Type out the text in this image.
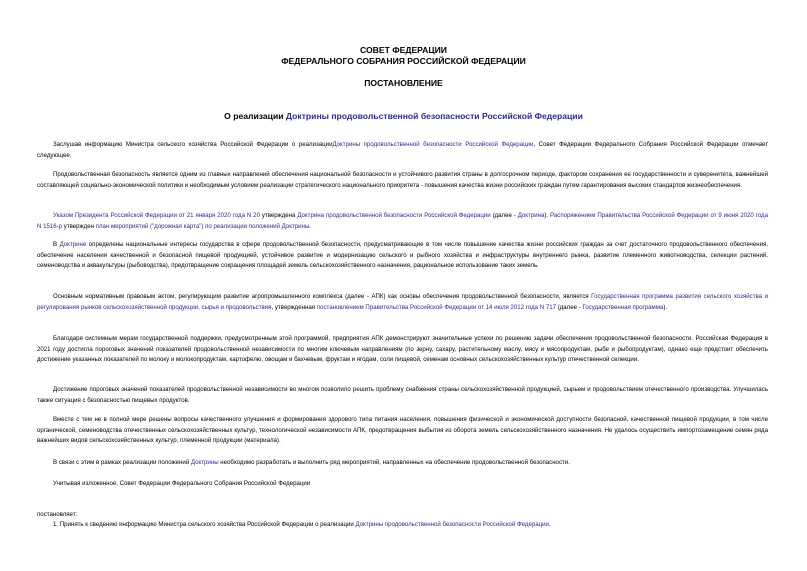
СОВЕТ ФЕДЕРАЦИИ
ФЕДЕРАЛЬНОГО СОБРАНИЯ РОССИЙСКОЙ ФЕДЕРАЦИИ
ПОСТАНОВЛЕНИЕ
О реализации Доктрины продовольственной безопасности Российской Федерации
Заслушав информацию Министра сельского хозяйства Российской Федерации о реализацииДоктрины продовольственной безопасности Российской Федерации, Совет Федерации Федерального Собрания Российской Федерации отмечает следующее.
Продовольственная безопасность является одним из главных направлений обеспечения национальной безопасности и устойчивого развития страны в долгосрочном периоде, фактором сохранения ее государственности и суверенитета, важнейшей составляющей социально-экономической политики и необходимым условием реализации стратегического национального приоритета - повышения качества жизни российских граждан путем гарантирования высоких стандартов жизнеобеспечения.
Указом Президента Российской Федерации от 21 января 2020 года N 20 утверждена Доктрина продовольственной безопасности Российской Федерации (далее - Доктрина). Распоряжением Правительства Российской Федерации от 9 июня 2020 года N 1516-р утвержден план мероприятий ("дорожная карта") по реализации положений Доктрины.
В Доктрине определены национальные интересы государства в сфере продовольственной безопасности, предусматривающие в том числе повышение качества жизни российских граждан за счет достаточного продовольственного обеспечения, обеспечение населения качественной и безопасной пищевой продукцией, устойчивое развитие и модернизацию сельского и рыбного хозяйства и инфраструктуры внутреннего рынка, развитие племенного животноводства, селекции растений, семеноводства и аквакультуры (рыбоводства), предотвращение сокращения площадей земель сельскохозяйственного назначения, рациональное использование таких земель.
Основным нормативным правовым актом, регулирующим развитие агропромышленного комплекса (далее - АПК) как основы обеспечения продовольственной безопасности, является Государственная программа развития сельского хозяйства и регулирования рынков сельскохозяйственной продукции, сырья и продовольствия, утвержденная постановлением Правительства Российской Федерации от 14 июля 2012 года N 717 (далее - Государственная программа).
Благодаря системным мерам государственной поддержки, предусмотренным этой программой, предприятия АПК демонстрируют значительные успехи по решению задачи обеспечения продовольственной безопасности. Российская Федерация в 2021 году достигла пороговых значений показателей продовольственной независимости по многим ключевым направлениям (по зерну, сахару, растительному маслу, мясу и мясопродуктам, рыбе и рыбопродуктам), однако еще предстоит обеспечить достижение указанных показателей по молоку и молокопродуктам, картофелю, овощам и бахчевым, фруктам и ягодам, соли пищевой, семенам основных сельскохозяйственных культур отечественной селекции.
Достижение пороговых значений показателей продовольственной независимости во многом позволило решить проблему снабжения страны сельскохозяйственной продукцией, сырьем и продовольствием отечественного производства. Улучшилась также ситуация с безопасностью пищевых продуктов.
Вместе с тем не в полной мере решены вопросы качественного улучшения и формирования здорового типа питания населения, повышения физической и экономической доступности безопасной, качественной пищевой продукции, в том числе органической, семеноводства отечественных сельскохозяйственных культур, технологической независимости АПК, предотвращения выбытия из оборота земель сельскохозяйственного назначения. Не удалось осуществить импортозамещение семян ряда важнейших видов сельскохозяйственных культур, племенной продукции (материала).
В связи с этим в рамках реализации положений Доктрины необходимо разработать и выполнить ряд мероприятий, направленных на обеспечение продовольственной безопасности.
Учитывая изложенное, Совет Федерации Федерального Собрания Российской Федерации
постановляет:
1. Принять к сведению информацию Министра сельского хозяйства Российской Федерации о реализации Доктрины продовольственной безопасности Российской Федерации.
